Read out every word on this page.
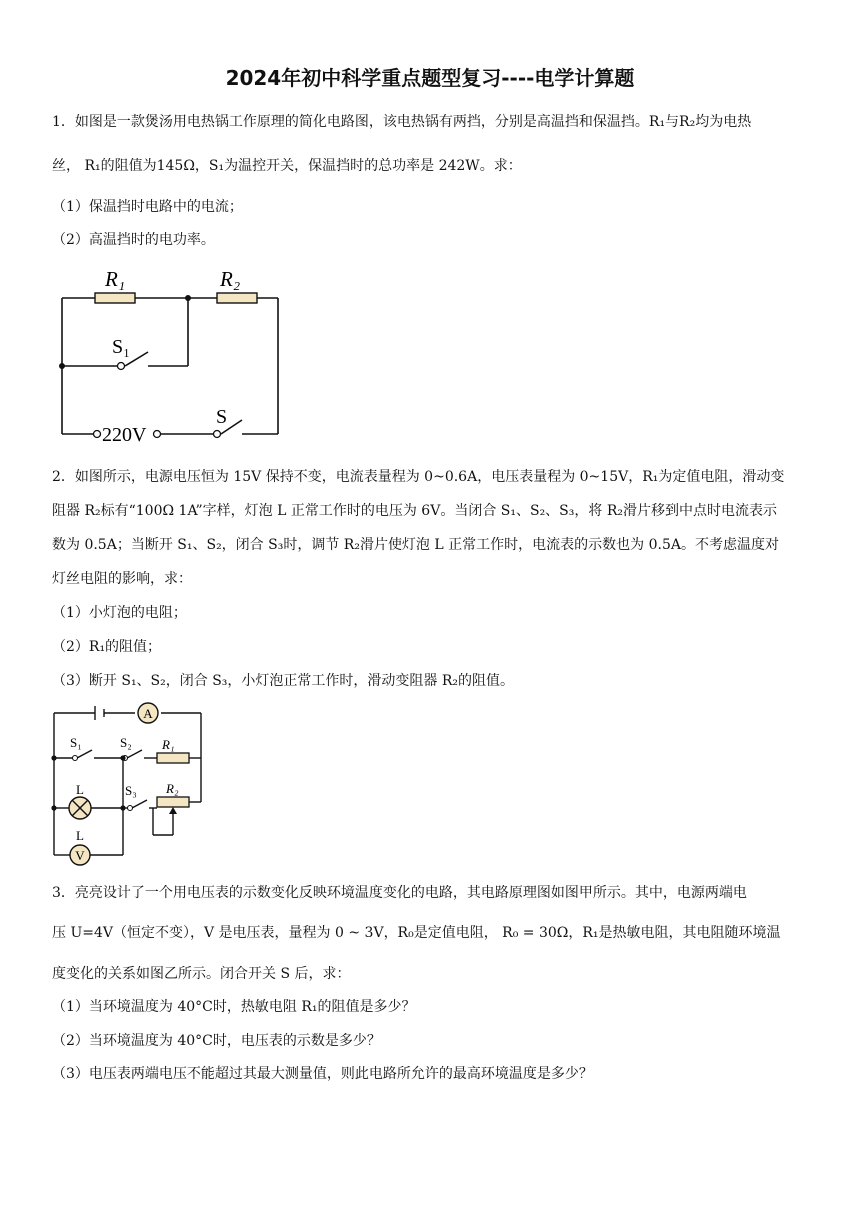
2024年初中科学重点题型复习----电学计算题
1．如图是一款煲汤用电热锅工作原理的简化电路图，该电热锅有两挡，分别是高温挡和保温挡。R₁与R₂均为电热
丝， R₁的阻值为145Ω，S₁为温控开关，保温挡时的总功率是 242W。求：
（1）保温挡时电路中的电流；
（2）高温挡时的电功率。
R₁	R₂
S₁
S
220V
2．如图所示，电源电压恒为 15V 保持不变，电流表量程为 0~0.6A，电压表量程为 0~15V，R₁为定值电阻，滑动变
阻器 R₂标有“100Ω 1A”字样，灯泡 L 正常工作时的电压为 6V。当闭合 S₁、S₂、S₃，将 R₂滑片移到中点时电流表示
数为 0.5A；当断开 S₁、S₂，闭合 S₃时，调节 R₂滑片使灯泡 L 正常工作时，电流表的示数也为 0.5A。不考虑温度对
灯丝电阻的影响，求：
（1）小灯泡的电阻；
（2）R₁的阻值；
（3）断开 S₁、S₂，闭合 S₃，小灯泡正常工作时，滑动变阻器 R₂的阻值。
A
V
S₁	S₂ R₁
S₃ R₂
L
L
3．亮亮设计了一个用电压表的示数变化反映环境温度变化的电路，其电路原理图如图甲所示。其中，电源两端电
压 U=4V（恒定不变），V 是电压表，量程为 0 ~ 3V，R₀是定值电阻， R₀ = 30Ω，R₁是热敏电阻，其电阻随环境温
度变化的关系如图乙所示。闭合开关 S 后，求：
（1）当环境温度为 40°C时，热敏电阻 R₁的阻值是多少？
（2）当环境温度为 40°C时，电压表的示数是多少？
（3）电压表两端电压不能超过其最大测量值，则此电路所允许的最高环境温度是多少？
